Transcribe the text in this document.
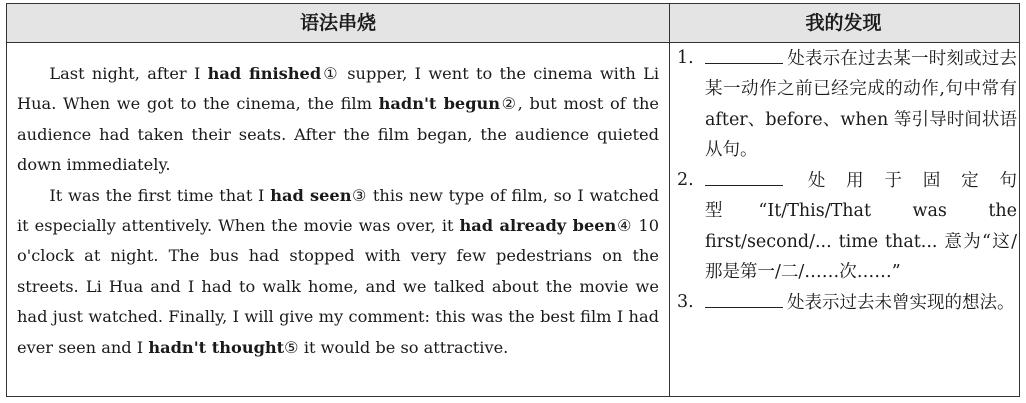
语法串烧	我的发现

Last night, after I had finished① supper, I went to the cinema with Li Hua. When we got to the cinema, the film hadn't begun②, but most of the audience had taken their seats. After the film began, the audience quieted down immediately.

It was the first time that I had seen③ this new type of film, so I watched it especially attentively. When the movie was over, it had already been④ 10 o'clock at night. The bus had stopped with very few pedestrians on the streets. Li Hua and I had to walk home, and we talked about the movie we had just watched. Finally, I will give my comment: this was the best film I had ever seen and I hadn't thought⑤ it would be so attractive.

1.	处表示在过去某一时刻或过去某一动作之前已经完成的动作,句中常有 after、before、when 等引导时间状语从句。
2.	处用于固定句型“It/This/That was the first/second/... time that... 意为“这/那是第一/二/……次……”
3.	处表示过去未曾实现的想法。
